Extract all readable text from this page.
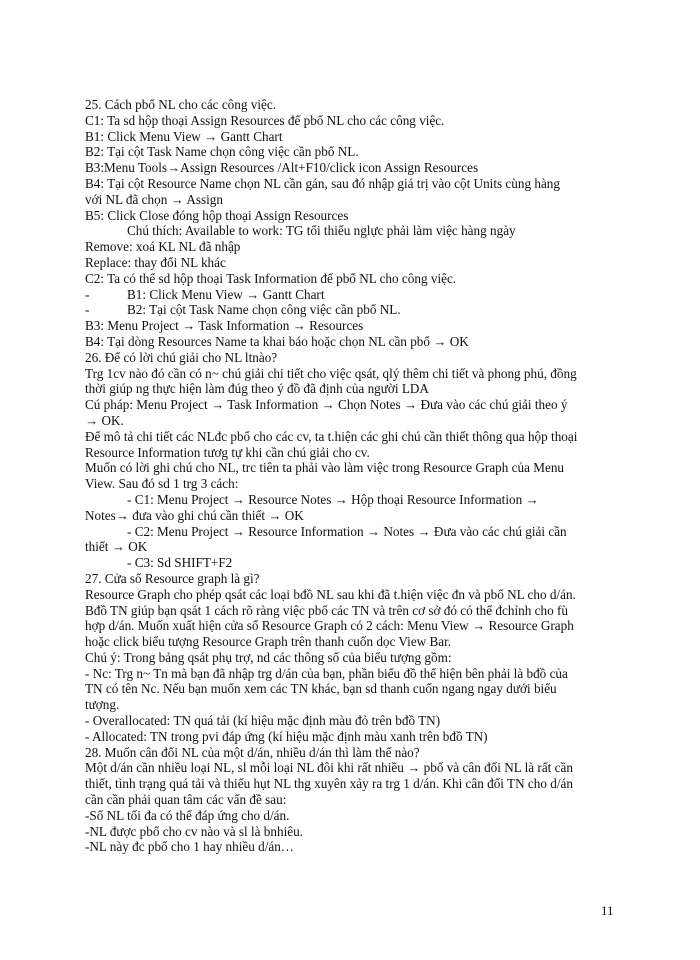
25. Cách pbổ NL cho các công việc.
C1: Ta sd hộp thoại Assign Resources để pbổ NL cho các công việc.
B1: Click Menu View → Gantt Chart
B2: Tại cột Task Name chọn công việc cần pbổ NL.
B3:Menu Tools→Assign Resources /Alt+F10/click icon Assign Resources
B4: Tại cột Resource Name chọn NL cần gán, sau đó nhập giá trị vào cột Units cùng hàng
với NL đã chọn → Assign
B5: Click Close đóng hộp thoại Assign Resources
Chú thích: Available to work: TG tối thiểu nglực phải làm việc hàng ngày
Remove: xoá KL NL đã nhập
Replace: thay đổi NL khác
C2: Ta có thể sd hộp thoại Task Information để pbổ NL cho công việc.
-	B1: Click Menu View → Gantt Chart
-	B2: Tại cột Task Name chọn công việc cần pbổ NL.
B3: Menu Project → Task Information → Resources
B4: Tại dòng Resources Name ta khai báo hoặc chọn NL cần pbổ → OK
26. Để có lời chú giải cho NL ltnào?
Trg 1cv nào đó cần có n~ chú giải chi tiết cho việc qsát, qlý thêm chi tiết và phong phú, đồng
thời giúp ng thực hiện làm đúg theo ý đồ đã định của người LDA
Cú pháp: Menu Project → Task Information → Chọn Notes → Đưa vào các chú giải theo ý
→ OK.
Để mô tả chi tiết các NLđc pbổ cho các cv, ta t.hiện các ghi chú cần thiết thông qua hộp thoại
Resource Information tươg tự khi cần chú giải cho cv.
Muốn có lời ghi chú cho NL, trc tiên ta phải vào làm việc trong Resource Graph của Menu
View. Sau đó sd 1 trg 3 cách:
- C1: Menu Project → Resource Notes → Hộp thoại Resource Information →
Notes→ đưa vào ghi chú cần thiết → OK
- C2: Menu Project → Resource Information → Notes → Đưa vào các chú giải cần
thiết → OK
- C3: Sd SHIFT+F2
27. Cửa sổ Resource graph là gì?
Resource Graph cho phép qsát các loại bđồ NL sau khi đã t.hiện việc đn và pbổ NL cho d/án.
Bđồ TN giúp bạn qsát 1 cách rõ ràng việc pbổ các TN và trên cơ sở đó có thể đchỉnh cho fù
hợp d/án. Muốn xuất hiện cửa sổ Resource Graph có 2 cách: Menu View → Resource Graph
hoặc click biểu tượng Resource Graph trên thanh cuốn dọc View Bar.
Chú ý: Trong bảng qsát phụ trợ, nd các thông số của biểu tượng gồm:
- Nc: Trg n~ Tn mà bạn đã nhập trg d/án của bạn, phần biểu đồ thể hiện bên phải là bđồ của
TN có tên Nc. Nếu bạn muốn xem các TN khác, bạn sd thanh cuốn ngang ngay dưới biểu
tượng.
- Overallocated: TN quá tải (kí hiệu mặc định màu đỏ trên bđồ TN)
- Allocated: TN trong pvi đáp ứng (kí hiệu mặc định màu xanh trên bđồ TN)
28. Muốn cân đối NL của một d/án, nhiều d/án thì làm thế nào?
Một d/án cần nhiều loại NL, sl mỗi loại NL đôi khi rất nhiều → pbổ và cân đối NL là rất cần
thiết, tình trạng quá tải và thiếu hụt NL thg xuyên xảy ra trg 1 d/án. Khi cân đối TN cho d/án
cần cần phải quan tâm các vấn đề sau:
-Số NL tối đa có thể đáp ứng cho d/án.
-NL được pbổ cho cv nào và sl là bnhiêu.
-NL này đc pbổ cho 1 hay nhiều d/án…
11
